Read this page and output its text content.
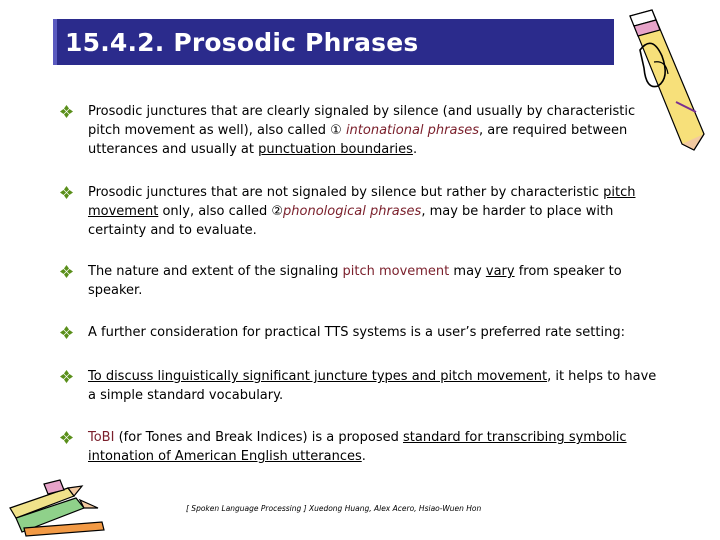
15.4.2. Prosodic Phrases
Prosodic junctures that are clearly signaled by silence (and usually by characteristic pitch movement as well), also called ① intonational phrases, are required between utterances and usually at punctuation boundaries.
Prosodic junctures that are not signaled by silence but rather by characteristic pitch movement only, also called ②phonological phrases, may be harder to place with certainty and to evaluate.
The nature and extent of the signaling pitch movement may vary from speaker to speaker.
A further consideration for practical TTS systems is a user’s preferred rate setting:
To discuss linguistically significant juncture types and pitch movement, it helps to have a simple standard vocabulary.
ToBI (for Tones and Break Indices) is a proposed standard for transcribing symbolic intonation of American English utterances.
[ Spoken Language Processing ] Xuedong Huang, Alex Acero, Hsiao-Wuen Hon
